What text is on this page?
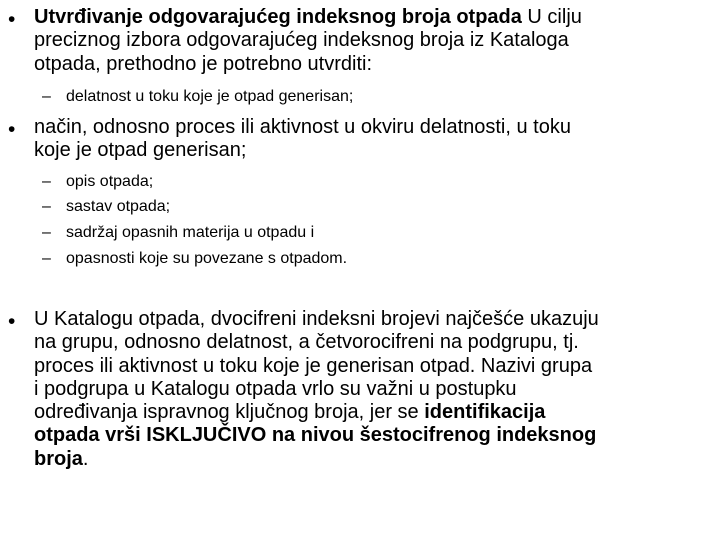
• Utvrđivanje odgovarajućeg indeksnog broja otpada U cilju
preciznog izbora odgovarajućeg indeksnog broja iz Kataloga
otpada, prethodno je potrebno utvrditi:
– delatnost u toku koje je otpad generisan;
• način, odnosno proces ili aktivnost u okviru delatnosti, u toku
koje je otpad generisan;
– opis otpada;
– sastav otpada;
– sadržaj opasnih materija u otpadu i
– opasnosti koje su povezane s otpadom.
• U Katalogu otpada, dvocifreni indeksni brojevi najčešće ukazuju
na grupu, odnosno delatnost, a četvorocifreni na podgrupu, tj.
proces ili aktivnost u toku koje je generisan otpad. Nazivi grupa
i podgrupa u Katalogu otpada vrlo su važni u postupku
određivanja ispravnog ključnog broja, jer se identifikacija
otpada vrši ISKLJUČIVO na nivou šestocifrenog indeksnog
broja.
